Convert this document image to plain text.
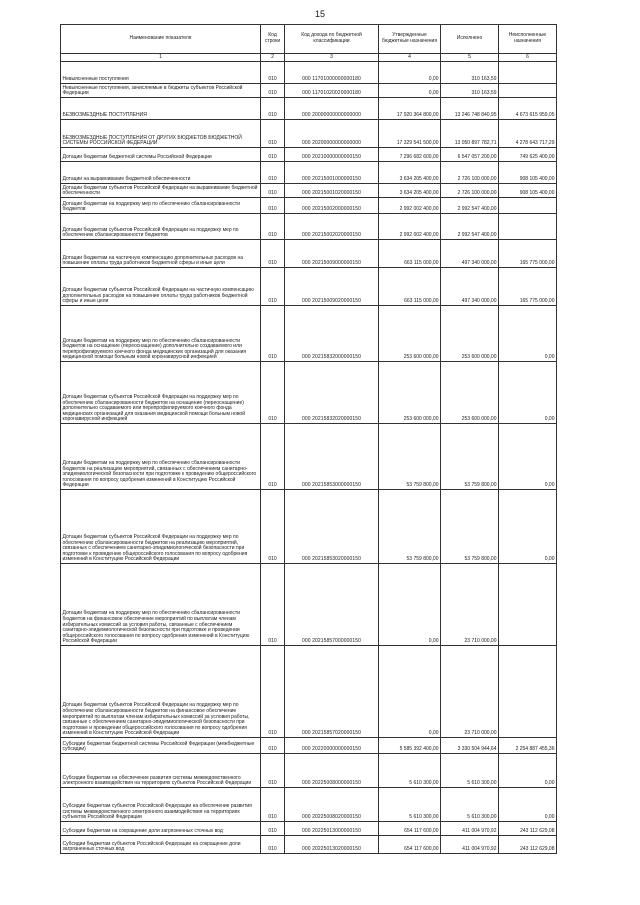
15
Наименование показателя	Код строки	Код дохода по бюджетной классификации	Утвержденные бюджетные назначения	Исполнено	Неисполненные назначения
1	2	3	4	5	6
Невыясненные поступления	010	000 11701000000000180	0,00	310 163,59	
Невыясненные поступления, зачисляемые в бюджеты субъектов Российской Федерации	010	000 11701020020000180	0,00	310 163,59	
БЕЗВОЗМЕЗДНЫЕ ПОСТУПЛЕНИЯ	010	000 20000000000000000	17 920 364 800,00	13 246 748 840,95	4 673 615 959,05
БЕЗВОЗМЕЗДНЫЕ ПОСТУПЛЕНИЯ ОТ ДРУГИХ БЮДЖЕТОВ БЮДЖЕТНОЙ СИСТЕМЫ РОССИЙСКОЙ ФЕДЕРАЦИИ	010	000 20200000000000000	17 329 541 500,00	13 050 897 782,71	4 278 643 717,29
Дотации бюджетам бюджетной системы Российской Федерации	010	000 20210000000000150	7 296 682 600,00	6 547 057 200,00	749 625 400,00
Дотации на выравнивание бюджетной обеспеченности	010	000 20215001000000150	3 634 205 400,00	2 726 100 000,00	908 105 400,00
Дотации бюджетам субъектов Российской Федерации на выравнивание бюджетной обеспеченности	010	000 20215001020000150	3 634 205 400,00	2 726 100 000,00	908 105 400,00
Дотации бюджетам на поддержку мер по обеспечению сбалансированности бюджетов	010	000 20215002000000150	2 992 002 400,00	2 992 547 400,00	
Дотации бюджетам субъектов Российской Федерации на поддержку мер по обеспечению сбалансированности бюджетов	010	000 20215002020000150	2 992 002 400,00	2 992 547 400,00	
Дотации бюджетам на частичную компенсацию дополнительных расходов на повышение оплаты труда работников бюджетной сферы и иные цели	010	000 20215009000000150	663 115 000,00	497 340 000,00	165 775 000,00
Дотации бюджетам субъектов Российской Федерации на частичную компенсацию дополнительных расходов на повышение оплаты труда работников бюджетной сферы и иные цели	010	000 20215009020000150	663 115 000,00	497 340 000,00	165 775 000,00
Дотации бюджетам на поддержку мер по обеспечению сбалансированности бюджетов на оснащение (переоснащение) дополнительно создаваемого или перепрофилируемого коечного фонда медицинских организаций для оказания медицинской помощи больным новой коронавирусной инфекцией	010	000 20215832000000150	253 600 000,00	253 600 000,00	0,00
Дотации бюджетам субъектов Российской Федерации на поддержку мер по обеспечению сбалансированности бюджетов на оснащение (переоснащение) дополнительно создаваемого или перепрофилируемого коечного фонда медицинских организаций для оказания медицинской помощи больным новой коронавирусной инфекцией	010	000 20215832020000150	253 600 000,00	253 600 000,00	0,00
Дотации бюджетам на поддержку мер по обеспечению сбалансированности бюджетов на реализацию мероприятий, связанных с обеспечением санитарно-эпидемиологической безопасности при подготовке к проведению общероссийского голосования по вопросу одобрения изменений в Конституцию Российской Федерации	010	000 20215853000000150	53 759 800,00	53 759 800,00	0,00
Дотации бюджетам субъектов Российской Федерации на поддержку мер по обеспечению сбалансированности бюджетов на реализацию мероприятий, связанных с обеспечением санитарно-эпидемиологической безопасности при подготовке к проведению общероссийского голосования по вопросу одобрения изменений в Конституцию Российской Федерации	010	000 20215853020000150	53 759 800,00	53 759 800,00	0,00
Дотации бюджетам на поддержку мер по обеспечению сбалансированности бюджетов на финансовое обеспечение мероприятий по выплатам членам избирательных комиссий за условия работы, связанные с обеспечением санитарно-эпидемиологической безопасности при подготовке и проведении общероссийского голосования по вопросу одобрения изменений в Конституцию Российской Федерации	010	000 20215857000000150	0,00	23 710 000,00	
Дотации бюджетам субъектов Российской Федерации на поддержку мер по обеспечению сбалансированности бюджетов на финансовое обеспечение мероприятий по выплатам членам избирательных комиссий за условия работы, связанные с обеспечением санитарно-эпидемиологической безопасности при подготовке и проведении общероссийского голосования по вопросу одобрения изменений в Конституцию Российской Федерации	010	000 20215857020000150	0,00	23 710 000,00	
Субсидии бюджетам бюджетной системы Российской Федерации (межбюджетные субсидии)	010	000 20220000000000150	5 585 392 400,00	3 330 504 944,64	2 254 887 455,36
Субсидии бюджетам на обеспечение развития системы межведомственного электронного взаимодействия на территориях субъектов Российской Федерации	010	000 20225008000000150	5 610 300,00	5 610 300,00	0,00
Субсидии бюджетам субъектов Российской Федерации на обеспечение развития системы межведомственного электронного взаимодействия на территориях субъектов Российской Федерации	010	000 20225008020000150	5 610 300,00	5 610 300,00	0,00
Субсидии бюджетам на сокращение доли загрязненных сточных вод	010	000 20225013000000150	654 117 600,00	411 004 970,92	243 112 629,08
Субсидии бюджетам субъектов Российской Федерации на сокращение доли загрязненных сточных вод	010	000 20225013020000150	654 117 600,00	411 004 970,92	243 112 629,08
